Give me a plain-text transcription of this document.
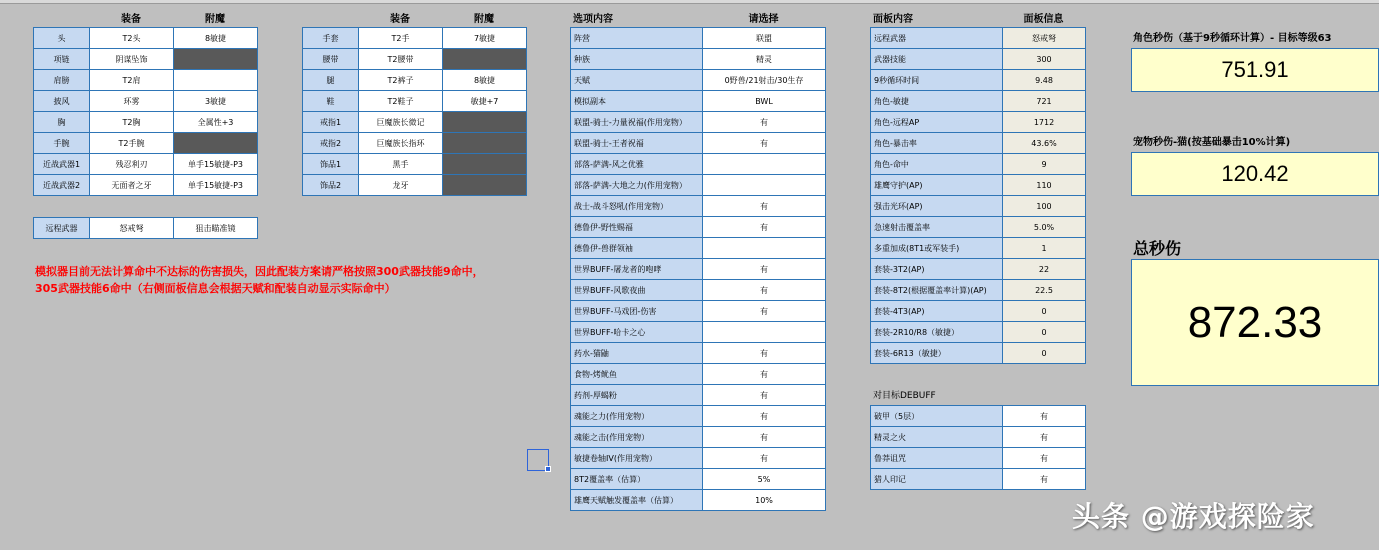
装备	附魔
头	T2头	8敏捷
项链	阴谋坠饰	
肩膀	T2肩	
披风	环雾	3敏捷
胸	T2胸	全属性+3
手腕	T2手腕	
近战武器1	残忍利刃	单手15敏捷-P3
近战武器2	无面者之牙	单手15敏捷-P3
装备	附魔
手套	T2手	7敏捷
腰带	T2腰带	
腿	T2裤子	8敏捷
鞋	T2鞋子	敏捷+7
戒指1	巨魔族长微记	
戒指2	巨魔族长指环	
饰品1	黑手	
饰品2	龙牙	
远程武器	怒戒弩	狙击瞄准镜
模拟器目前无法计算命中不达标的伤害损失，因此配装方案请严格按照300武器技能9命中，
305武器技能6命中（右侧面板信息会根据天赋和配装自动显示实际命中）
选项内容	请选择
阵营	联盟
种族	精灵
天赋	0野兽/21射击/30生存
模拟副本	BWL
联盟-骑士-力量祝福(作用宠物）	有
联盟-骑士-王者祝福	有
部落-萨满-风之优雅	
部落-萨满-大地之力(作用宠物）	
战士-战斗怒吼(作用宠物）	有
德鲁伊-野性赐福	有
德鲁伊-兽群领袖	
世界BUFF-屠龙者的咆哮	有
世界BUFF-风歌夜曲	有
世界BUFF-马戏团-伤害	有
世界BUFF-哈卡之心	
药水-猫鼬	有
食物-烤鱿鱼	有
药剂-厚蝎粉	有
魂能之力(作用宠物）	有
魂能之击(作用宠物）	有
敏捷卷轴IV(作用宠物）	有
8T2覆盖率（估算）	5%
雄鹰天赋触发覆盖率（估算）	10%
面板内容	面板信息
远程武器	怒戒弩
武器技能	300
9秒循环时间	9.48
角色-敏捷	721
角色-远程AP	1712
角色-暴击率	43.6%
角色-命中	9
雄鹰守护(AP)	110
强击光环(AP)	100
急速射击覆盖率	5.0%
多重加成(8T1或军装手)	1
套装-3T2(AP)	22
套装-8T2(根据覆盖率计算)(AP)	22.5
套装-4T3(AP)	0
套装-2R10/R8（敏捷）	0
套装-6R13（敏捷）	0
对目标DEBUFF
破甲（5层）	有
精灵之火	有
鲁莽诅咒	有
猎人印记	有
角色秒伤（基于9秒循环计算）- 目标等级63
751.91
宠物秒伤-猫(按基础暴击10%计算)
120.42
总秒伤
872.33
头条 @游戏探险家
